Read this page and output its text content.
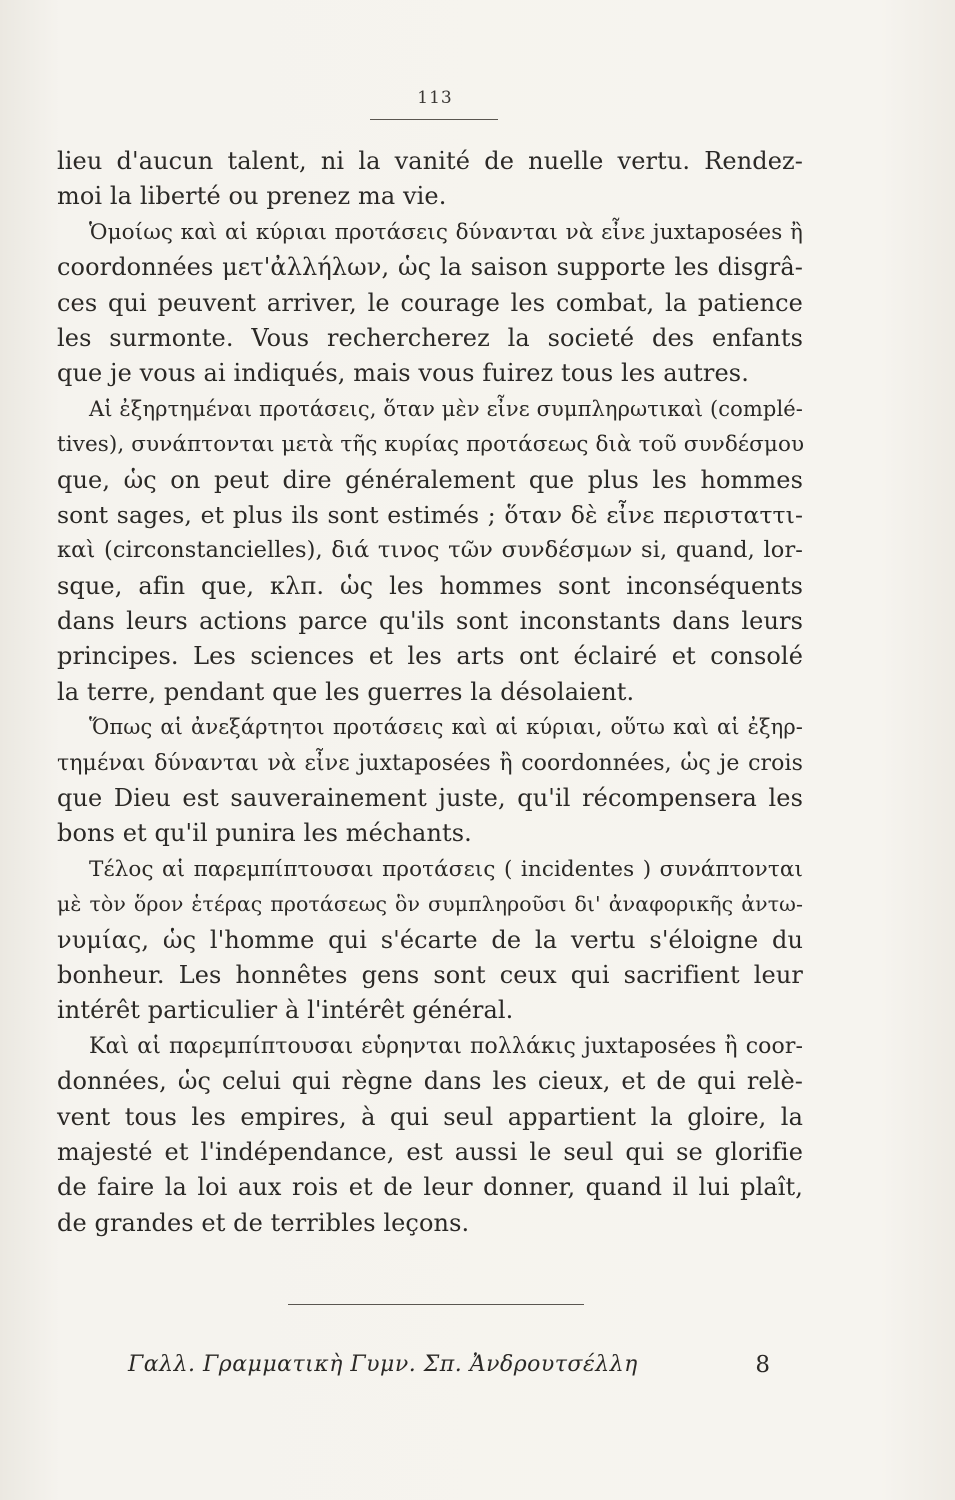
113
lieu d'aucun talent, ni la vanité de nuelle vertu. Rendez-
moi la liberté ou prenez ma vie.
Ὁμοίως καὶ αἱ κύριαι προτάσεις δύνανται νὰ εἶνε juxtaposées ἢ
coordonnées μετ'ἀλλήλων, ὡς la saison supporte les disgrâ-
ces qui peuvent arriver, le courage les combat, la patience
les surmonte. Vous rechercherez la societé des enfants
que je vous ai indiqués, mais vous fuirez tous les autres.
Αἱ ἐξηρτημέναι προτάσεις, ὅταν μὲν εἶνε συμπληρωτικαὶ (complé-
tives), συνάπτονται μετὰ τῆς κυρίας προτάσεως διὰ τοῦ συνδέσμου
que, ὡς on peut dire généralement que plus les hommes
sont sages, et plus ils sont estimés ; ὅταν δὲ εἶνε περισταττι-
καὶ (circonstancielles), διά τινος τῶν συνδέσμων si, quand, lor-
sque, afin que, κλπ. ὡς les hommes sont inconséquents
dans leurs actions parce qu'ils sont inconstants dans leurs
principes. Les sciences et les arts ont éclairé et consolé
la terre, pendant que les guerres la désolaient.
Ὅπως αἱ ἀνεξάρτητοι προτάσεις καὶ αἱ κύριαι, οὕτω καὶ αἱ ἐξηρ-
τημέναι δύνανται νὰ εἶνε juxtaposées ἢ coordonnées, ὡς je crois
que Dieu est sauverainement juste, qu'il récompensera les
bons et qu'il punira les méchants.
Τέλος αἱ παρεμπίπτουσαι προτάσεις ( incidentes ) συνάπτονται
μὲ τὸν ὅρον ἑτέρας προτάσεως ὃν συμπληροῦσι δι' ἀναφορικῆς ἀντω-
νυμίας, ὡς l'homme qui s'écarte de la vertu s'éloigne du
bonheur. Les honnêtes gens sont ceux qui sacrifient leur
intérêt particulier à l'intérêt général.
Καὶ αἱ παρεμπίπτουσαι εὑρηνται πολλάκις juxtaposées ἢ coor-
données, ὡς celui qui règne dans les cieux, et de qui relè-
vent tous les empires, à qui seul appartient la gloire, la
majesté et l'indépendance, est aussi le seul qui se glorifie
de faire la loi aux rois et de leur donner, quand il lui plaît,
de grandes et de terribles leçons.
Γαλλ. Γραμματικὴ Γυμν. Σπ. Ἀνδρουτσέλλη	8
